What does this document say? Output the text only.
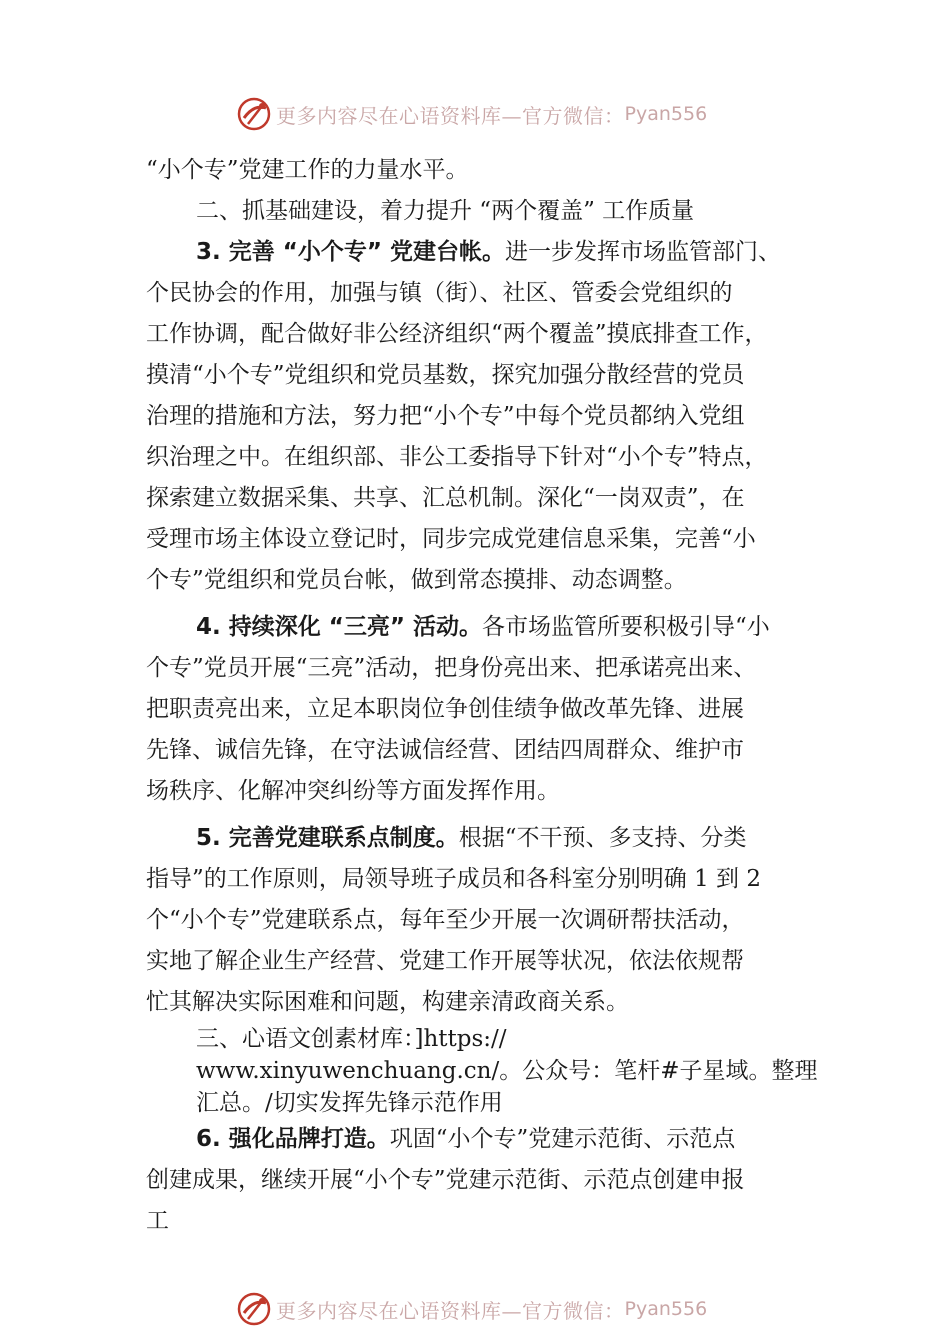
更多内容尽在心语资料库—官方微信： Pyan556
“小个专”党建工作的力量水平。
二、抓基础建设，着力提升 “两个覆盖” 工作质量
3. 完善 “小个专” 党建台帐。进一步发挥市场监管部门、
个民协会的作用，加强与镇（街）、社区、管委会党组织的
工作协调，配合做好非公经济组织“两个覆盖”摸底排查工作，
摸清“小个专”党组织和党员基数，探究加强分散经营的党员
治理的措施和方法，努力把“小个专”中每个党员都纳入党组
织治理之中。在组织部、非公工委指导下针对“小个专”特点，
探索建立数据采集、共享、汇总机制。深化“一岗双责”，在
受理市场主体设立登记时，同步完成党建信息采集，完善“小
个专”党组织和党员台帐，做到常态摸排、动态调整。
4. 持续深化 “三亮” 活动。各市场监管所要积极引导“小
个专”党员开展“三亮”活动，把身份亮出来、把承诺亮出来、
把职责亮出来，立足本职岗位争创佳绩争做改革先锋、进展
先锋、诚信先锋，在守法诚信经营、团结四周群众、维护市
场秩序、化解冲突纠纷等方面发挥作用。
5. 完善党建联系点制度。根据“不干预、多支持、分类
指导”的工作原则，局领导班子成员和各科室分别明确 1 到 2
个“小个专”党建联系点，每年至少开展一次调研帮扶活动，
实地了解企业生产经营、党建工作开展等状况，依法依规帮
忙其解决实际困难和问题，构建亲清政商关系。
三、心语文创素材库：]https://
www.xinyuwenchuang.cn/。公众号：笔杆#子星域。整理
汇总。/切实发挥先锋示范作用
6. 强化品牌打造。巩固“小个专”党建示范街、示范点
创建成果，继续开展“小个专”党建示范街、示范点创建申报
工
更多内容尽在心语资料库—官方微信： Pyan556
